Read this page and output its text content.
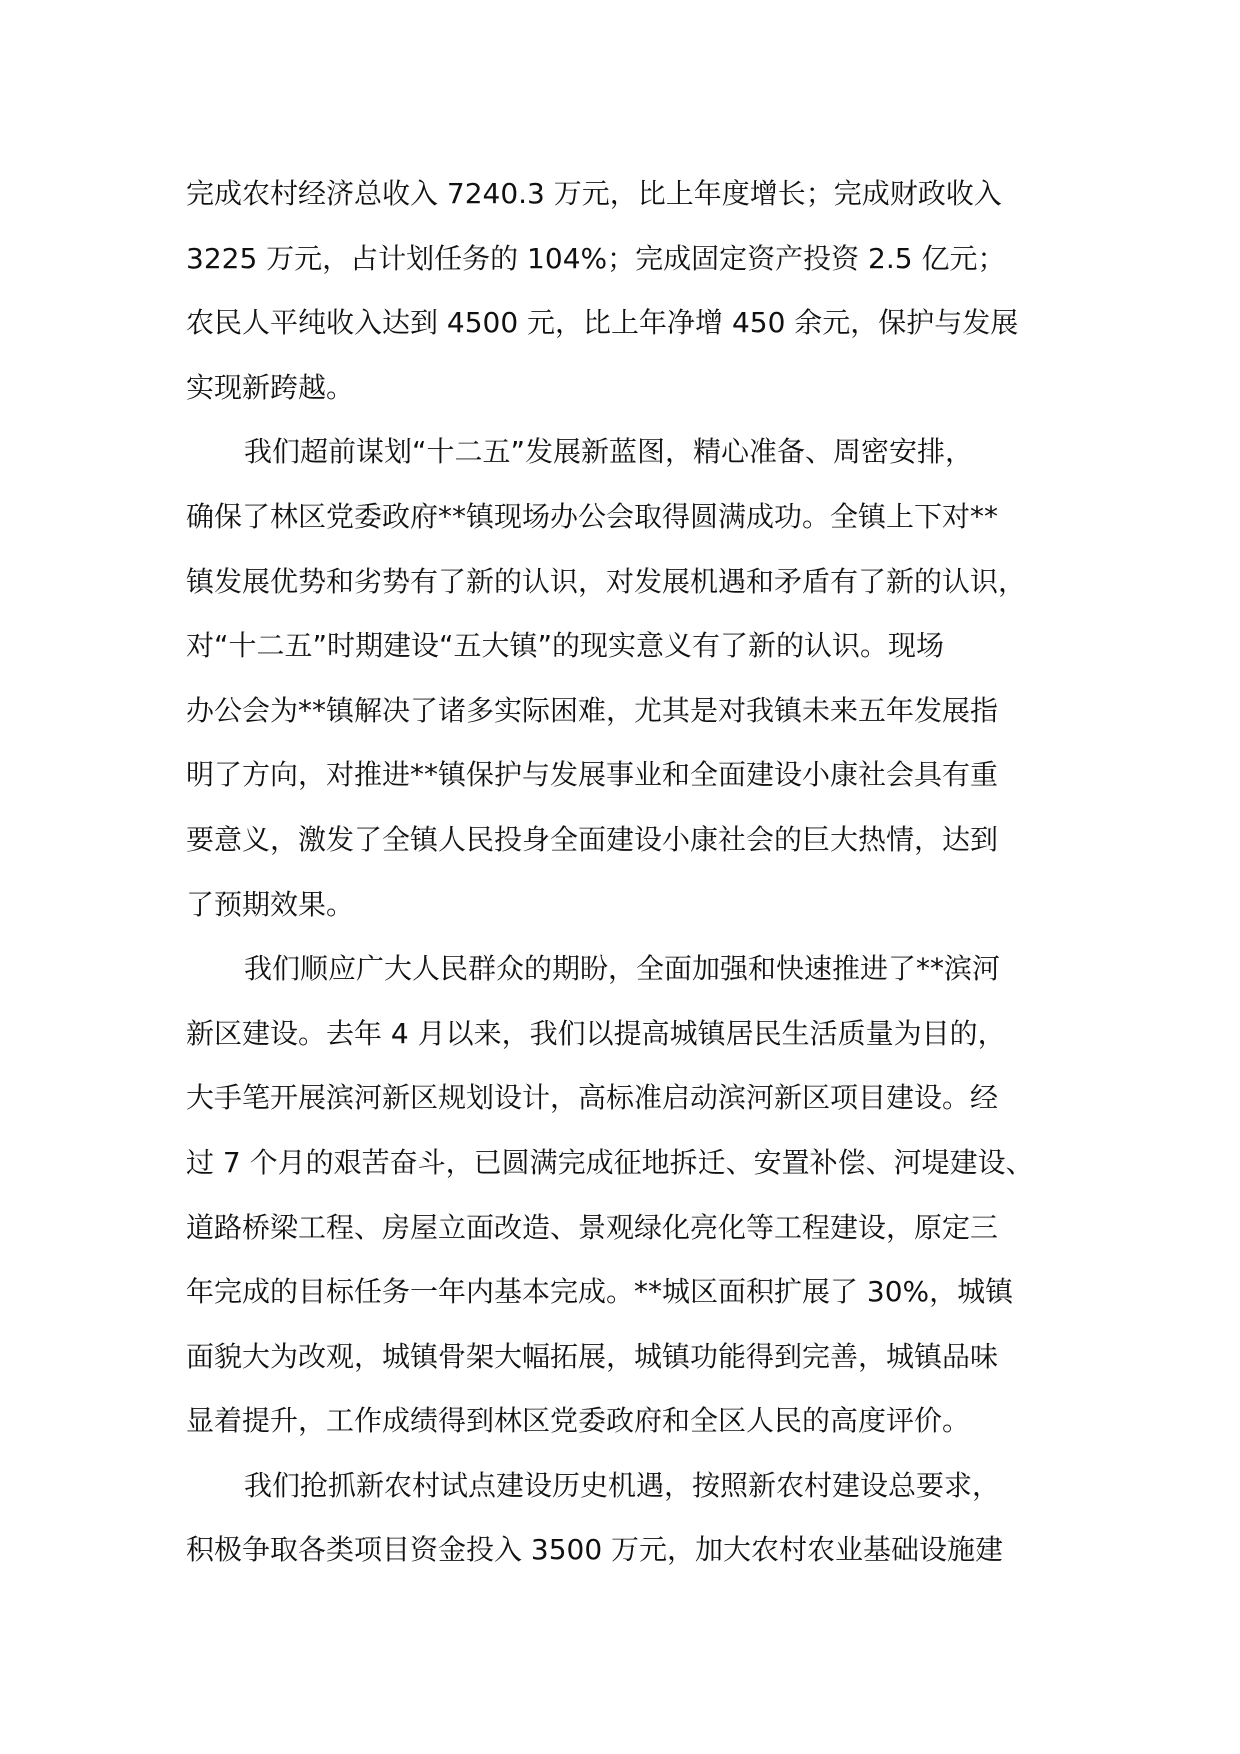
完成农村经济总收入 7240.3 万元，比上年度增长；完成财政收入
3225 万元，占计划任务的 104%；完成固定资产投资 2.5 亿元；
农民人平纯收入达到 4500 元，比上年净增 450 余元，保护与发展
实现新跨越。
我们超前谋划“十二五”发展新蓝图，精心准备、周密安排，
确保了林区党委政府**镇现场办公会取得圆满成功。全镇上下对**
镇发展优势和劣势有了新的认识，对发展机遇和矛盾有了新的认识，
对“十二五”时期建设“五大镇”的现实意义有了新的认识。现场
办公会为**镇解决了诸多实际困难，尤其是对我镇未来五年发展指
明了方向，对推进**镇保护与发展事业和全面建设小康社会具有重
要意义，激发了全镇人民投身全面建设小康社会的巨大热情，达到
了预期效果。
我们顺应广大人民群众的期盼，全面加强和快速推进了**滨河
新区建设。去年 4 月以来，我们以提高城镇居民生活质量为目的，
大手笔开展滨河新区规划设计，高标准启动滨河新区项目建设。经
过 7 个月的艰苦奋斗，已圆满完成征地拆迁、安置补偿、河堤建设、
道路桥梁工程、房屋立面改造、景观绿化亮化等工程建设，原定三
年完成的目标任务一年内基本完成。**城区面积扩展了 30%，城镇
面貌大为改观，城镇骨架大幅拓展，城镇功能得到完善，城镇品味
显着提升，工作成绩得到林区党委政府和全区人民的高度评价。
我们抢抓新农村试点建设历史机遇，按照新农村建设总要求，
积极争取各类项目资金投入 3500 万元，加大农村农业基础设施建
